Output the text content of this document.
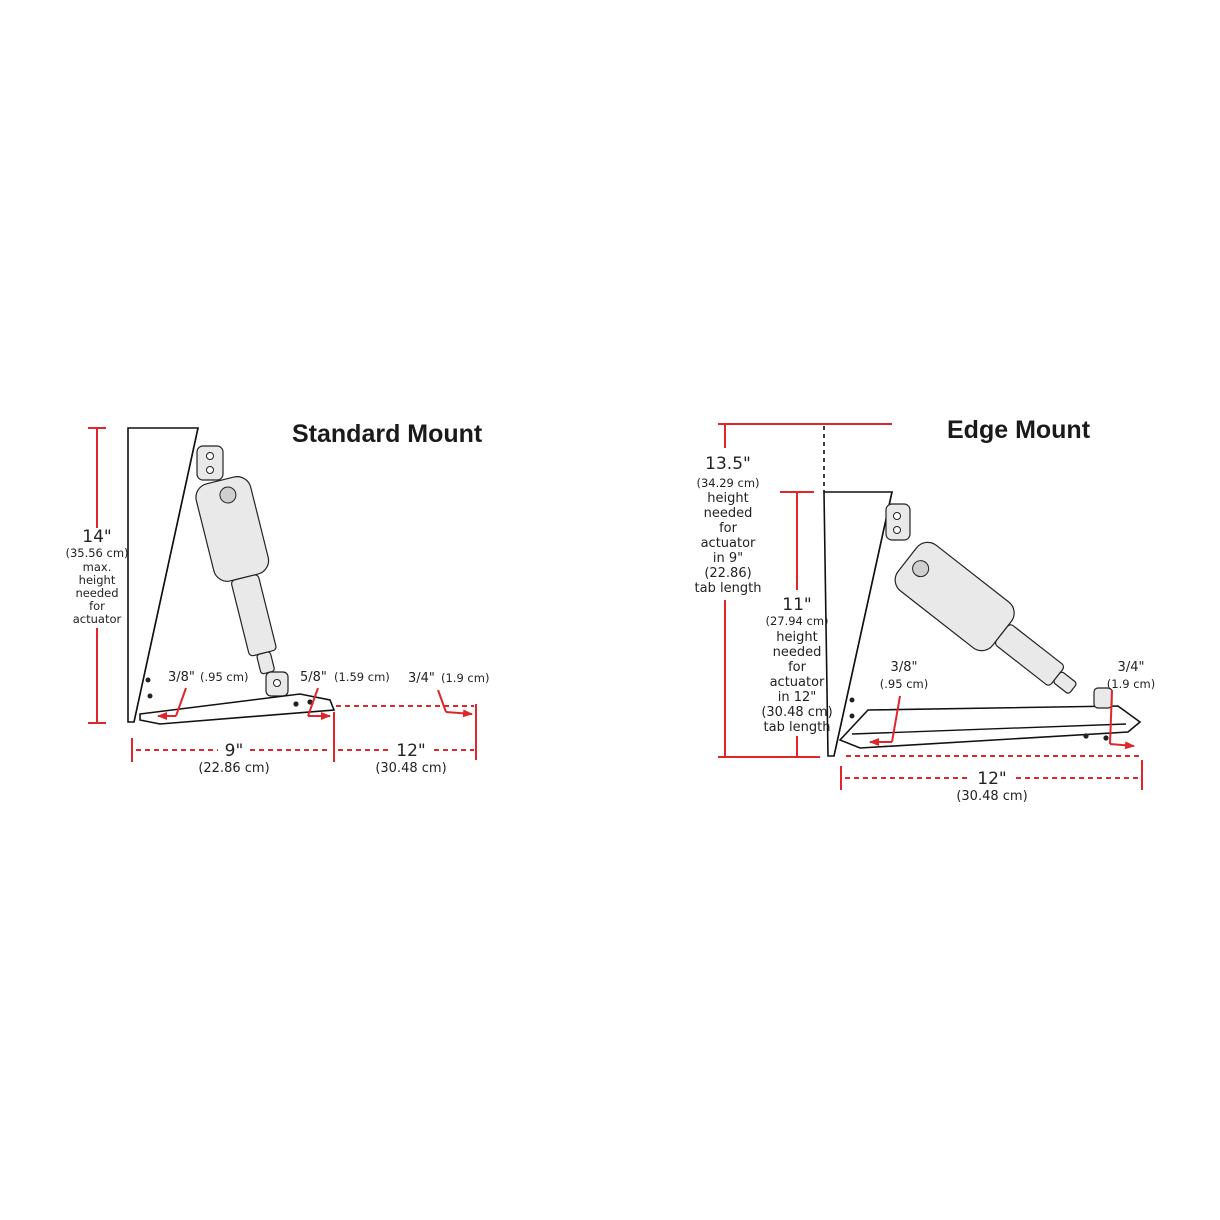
Standard Mount
14"
(35.56 cm)
max.
height
needed
for
actuator
3/8" (.95 cm)	5/8" (1.59 cm) 3/4" (1.9 cm)
9"
(22.86 cm)
12"
(30.48 cm)
Edge Mount
13.5"
(34.29 cm)
height
needed
for
actuator
in 9"
(22.86)
tab length
11"
(27.94 cm)
height
needed
for
actuator
in 12"
(30.48 cm)
tab length
3/8"
(.95 cm)
3/4"
(1.9 cm)
12"
(30.48 cm)
